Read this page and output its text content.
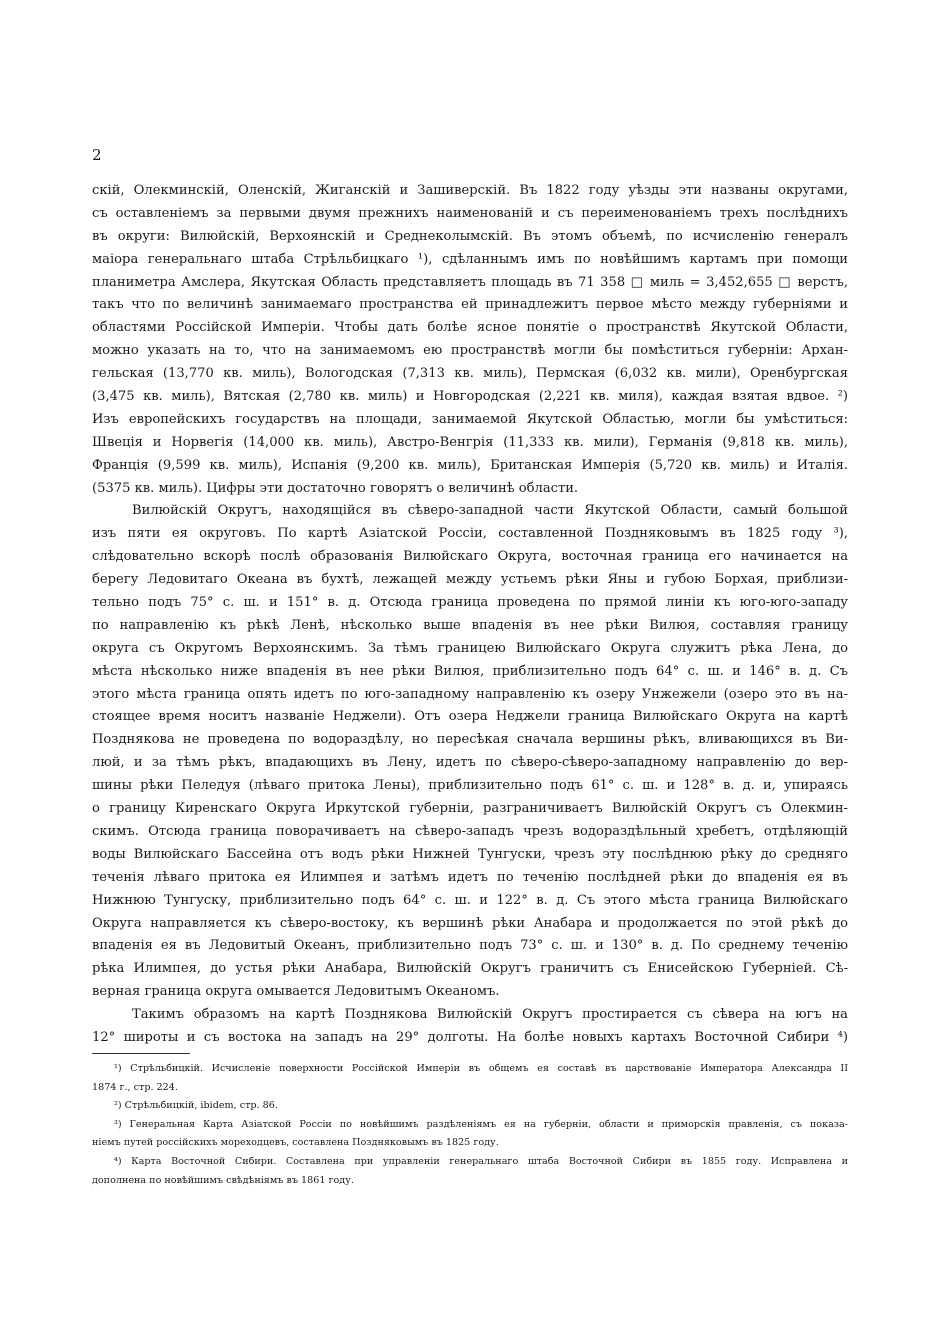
2
скій, Олекминскій, Оленскій, Жиганскій и Зашиверскій. Въ 1822 году уѣзды эти названы округами,
съ оставленіемъ за первыми двумя прежнихъ наименованій и съ переименованіемъ трехъ послѣднихъ
въ округи: Вилюйскій, Верхоянскій и Среднеколымскій. Въ этомъ объемѣ, по исчисленію генералъ
маіора генеральнаго штаба Стрѣльбицкаго ¹), сдѣланнымъ имъ по новѣйшимъ картамъ при помощи
планиметра Амслера, Якутская Область представляетъ площадь въ 71 358 □ миль = 3,452,655 □ верстъ,
такъ что по величинѣ занимаемаго пространства ей принадлежитъ первое мѣсто между губерніями и
областями Россійской Имперіи. Чтобы дать болѣе ясное понятіе о пространствѣ Якутской Области,
можно указать на то, что на занимаемомъ ею пространствѣ могли бы помѣститься губерніи: Архан-
гельская (13,770 кв. миль), Вологодская (7,313 кв. миль), Пермская (6,032 кв. мили), Оренбургская
(3,475 кв. миль), Вятская (2,780 кв. миль) и Новгородская (2,221 кв. миля), каждая взятая вдвое. ²)
Изъ европейскихъ государствъ на площади, занимаемой Якутской Областью, могли бы умѣститься:
Швеція и Норвегія (14,000 кв. миль), Австро-Венгрія (11,333 кв. мили), Германія (9,818 кв. миль),
Франція (9,599 кв. миль), Испанія (9,200 кв. миль), Британская Имперія (5,720 кв. миль) и Италія.
(5375 кв. миль). Цифры эти достаточно говорятъ о величинѣ области.
Вилюйскій Округъ, находящійся въ сѣверо-западной части Якутской Области, самый большой
изъ пяти ея округовъ. По картѣ Азіатской Россіи, составленной Поздняковымъ въ 1825 году ³),
слѣдовательно вскорѣ послѣ образованія Вилюйскаго Округа, восточная граница его начинается на
берегу Ледовитаго Океана въ бухтѣ, лежащей между устьемъ рѣки Яны и губою Борхая, приблизи-
тельно подъ 75° с. ш. и 151° в. д. Отсюда граница проведена по прямой линіи къ юго-юго-западу
по направленію къ рѣкѣ Ленѣ, нѣсколько выше впаденія въ нее рѣки Вилюя, составляя границу
округа съ Округомъ Верхоянскимъ. За тѣмъ границею Вилюйскаго Округа служитъ рѣка Лена, до
мѣста нѣсколько ниже впаденія въ нее рѣки Вилюя, приблизительно подъ 64° с. ш. и 146° в. д. Съ
этого мѣста граница опять идетъ по юго-западному направленію къ озеру Унжежели (озеро это въ на-
стоящее время носитъ названіе Неджели). Отъ озера Неджели граница Вилюйскаго Округа на картѣ
Позднякова не проведена по водораздѣлу, но пересѣкая сначала вершины рѣкъ, вливающихся въ Ви-
люй, и за тѣмъ рѣкъ, впадающихъ въ Лену, идетъ по сѣверо-сѣверо-западному направленію до вер-
шины рѣки Пеледуя (лѣваго притока Лены), приблизительно подъ 61° с. ш. и 128° в. д. и, упираясь
о границу Киренскаго Округа Иркутской губерніи, разграничиваетъ Вилюйскій Округъ съ Олекмин-
скимъ. Отсюда граница поворачиваетъ на сѣверо-западъ чрезъ водораздѣльный хребетъ, отдѣляющій
воды Вилюйскаго Бассейна отъ водъ рѣки Нижней Тунгуски, чрезъ эту послѣднюю рѣку до средняго
теченія лѣваго притока ея Илимпея и затѣмъ идетъ по теченію послѣдней рѣки до впаденія ея въ
Нижнюю Тунгуску, приблизительно подъ 64° с. ш. и 122° в. д. Съ этого мѣста граница Вилюйскаго
Округа направляется къ сѣверо-востоку, къ вершинѣ рѣки Анабара и продолжается по этой рѣкѣ до
впаденія ея въ Ледовитый Океанъ, приблизительно подъ 73° с. ш. и 130° в. д. По среднему теченію
рѣка Илимпея, до устья рѣки Анабара, Вилюйскій Округъ граничитъ съ Енисейскою Губерніей. Сѣ-
верная граница округа омывается Ледовитымъ Океаномъ.
Такимъ образомъ на картѣ Позднякова Вилюйскій Округъ простирается съ сѣвера на югъ на
12° широты и съ востока на западъ на 29° долготы. На болѣе новыхъ картахъ Восточной Сибири ⁴)
¹) Стрѣльбицкій. Исчисленіе поверхности Россійской Имперіи въ общемъ ея составѣ въ царствованіе Императора Александра II
1874 г., стр. 224.
²) Стрѣльбицкій, ibidem, стр. 86.
³) Генеральная Карта Азіатской Россіи по новѣйшимъ раздѣленіямъ ея на губерніи, области и приморскія правленія, съ показа-
ніемъ путей россійскихъ мореходцевъ, составлена Поздняковымъ въ 1825 году.
⁴) Карта Восточной Сибири. Составлена при управленіи генеральнаго штаба Восточной Сибири въ 1855 году. Исправлена и
дополнена по новѣйшимъ свѣдѣніямъ въ 1861 году.
